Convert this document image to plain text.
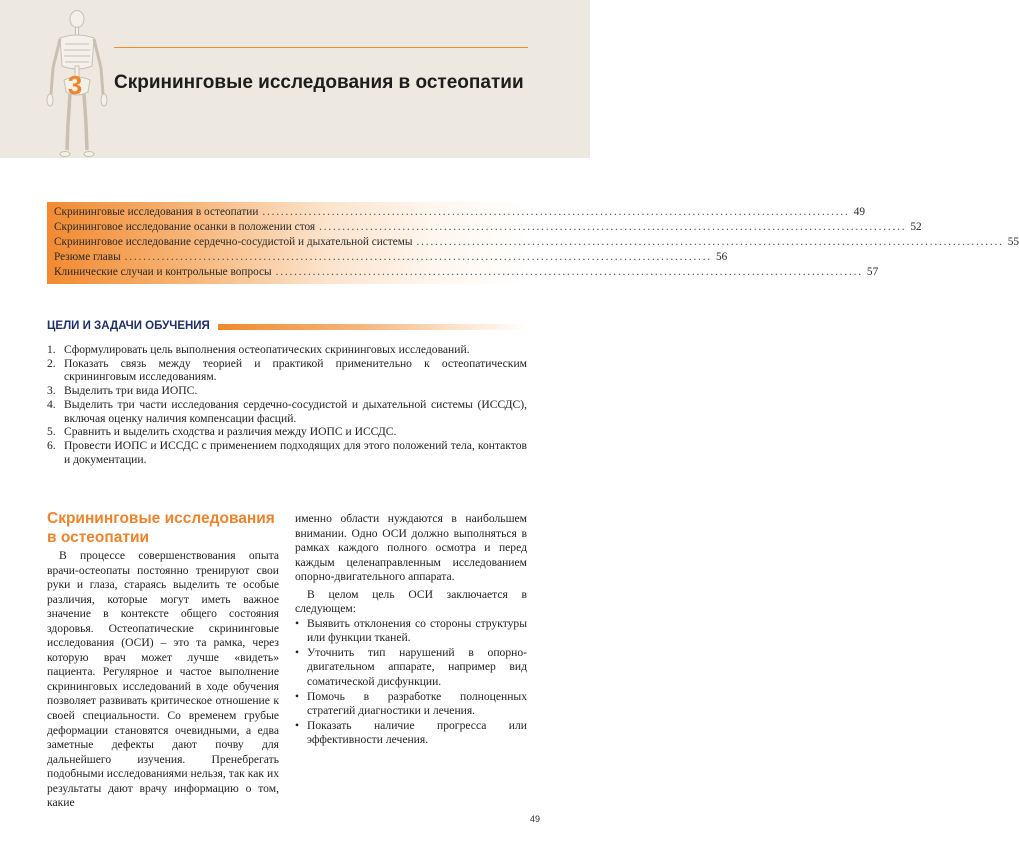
3	Скрининговые исследования в остеопатии
Скрининговые исследования в остеопатии ............................................................................................................................... 49
Скрининговое исследование осанки в положении стоя ............................................................................................................................... 52
Скрининговое исследование сердечно-сосудистой и дыхательной системы ............................................................................................................................... 55
Резюме главы ............................................................................................................................... 56
Клинические случаи и контрольные вопросы ............................................................................................................................... 57
ЦЕЛИ И ЗАДАЧИ ОБУЧЕНИЯ
1. Сформулировать цель выполнения остеопатических скрининговых исследований.
2. Показать связь между теорией и практикой применительно к остеопатическим скрининговым исследованиям.
3. Выделить три вида ИОПС.
4. Выделить три части исследования сердечно-сосудистой и дыхательной системы (ИССДС), включая оценку наличия компенсации фасций.
5. Сравнить и выделить сходства и различия между ИОПС и ИССДС.
6. Провести ИОПС и ИССДС с применением подходящих для этого положений тела, контактов и документации.
Скрининговые исследования в остеопатии

В процессе совершенствования опыта врачи-остеопаты постоянно тренируют свои руки и глаза, стараясь выделить те особые различия, которые могут иметь важное значение в контексте общего состояния здоровья. Остеопатические скрининговые исследования (ОСИ) – это та рамка, через которую врач может лучше «видеть» пациента. Регулярное и частое выполнение скрининговых исследований в ходе обучения позволяет развивать критическое отношение к своей специальности. Со временем грубые деформации становятся очевидными, а едва заметные дефекты дают почву для дальнейшего изучения. Пренебрегать подобными исследованиями нельзя, так как их результаты дают врачу информацию о том, какие

именно области нуждаются в наибольшем внимании. Одно ОСИ должно выполняться в рамках каждого полного осмотра и перед каждым целенаправленным исследованием опорно-двигательного аппарата.

В целом цель ОСИ заключается в следующем:

• Выявить отклонения со стороны структуры или функции тканей.
• Уточнить тип нарушений в опорно-двигательном аппарате, например вид соматической дисфункции.
• Помочь в разработке полноценных стратегий диагностики и лечения.
• Показать наличие прогресса или эффективности лечения.
49
